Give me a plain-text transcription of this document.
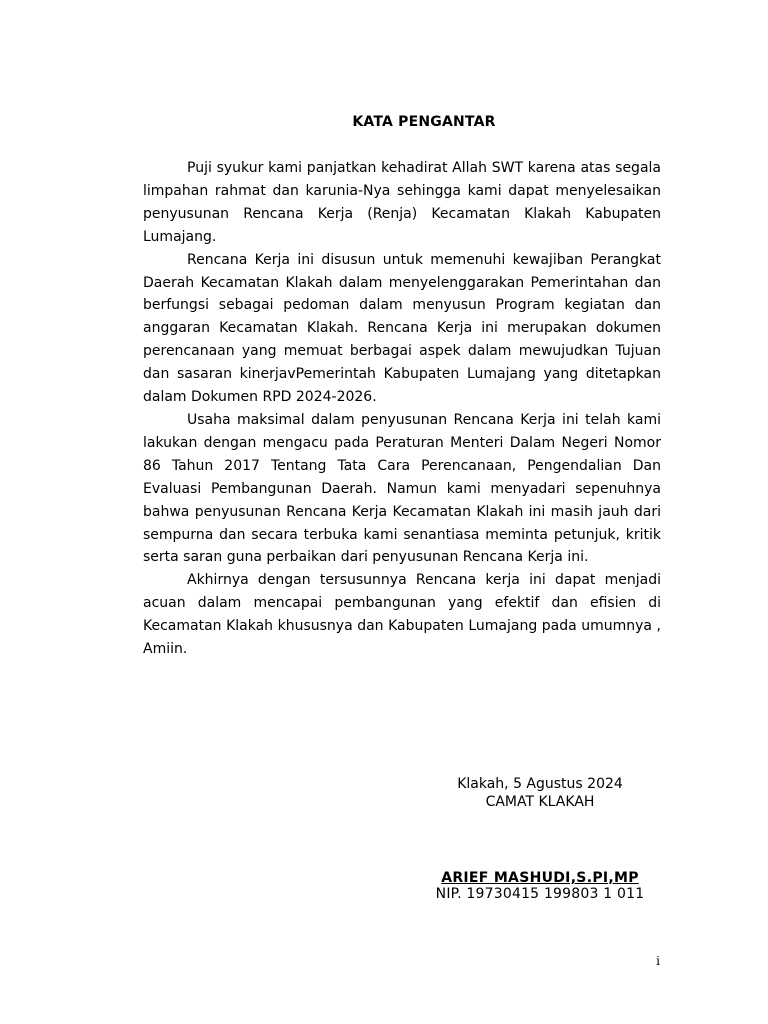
KATA PENGANTAR

Puji syukur kami panjatkan kehadirat Allah SWT karena atas segala limpahan rahmat dan karunia-Nya sehingga kami dapat menyelesaikan penyusunan Rencana Kerja (Renja) Kecamatan Klakah Kabupaten Lumajang.

Rencana Kerja ini disusun untuk memenuhi kewajiban Perangkat Daerah Kecamatan Klakah dalam menyelenggarakan Pemerintahan dan berfungsi sebagai pedoman dalam menyusun Program kegiatan dan anggaran Kecamatan Klakah. Rencana Kerja ini merupakan dokumen perencanaan yang memuat berbagai aspek dalam mewujudkan Tujuan dan sasaran kinerjavPemerintah Kabupaten Lumajang yang ditetapkan dalam Dokumen RPD 2024-2026.

Usaha maksimal dalam penyusunan Rencana Kerja ini telah kami lakukan dengan mengacu pada Peraturan Menteri Dalam Negeri Nomor 86 Tahun 2017 Tentang Tata Cara Perencanaan, Pengendalian Dan Evaluasi Pembangunan Daerah. Namun kami menyadari sepenuhnya bahwa penyusunan Rencana Kerja Kecamatan Klakah ini masih jauh dari sempurna dan secara terbuka kami senantiasa meminta petunjuk, kritik serta saran guna perbaikan dari penyusunan Rencana Kerja ini.

Akhirnya dengan tersusunnya Rencana kerja ini dapat menjadi acuan dalam mencapai pembangunan yang efektif dan efisien di Kecamatan Klakah khususnya dan Kabupaten Lumajang pada umumnya , Amiin.

Klakah, 5 Agustus 2024
CAMAT KLAKAH
ARIEF MASHUDI,S.PI,MP
NIP. 19730415 199803 1 011
i
